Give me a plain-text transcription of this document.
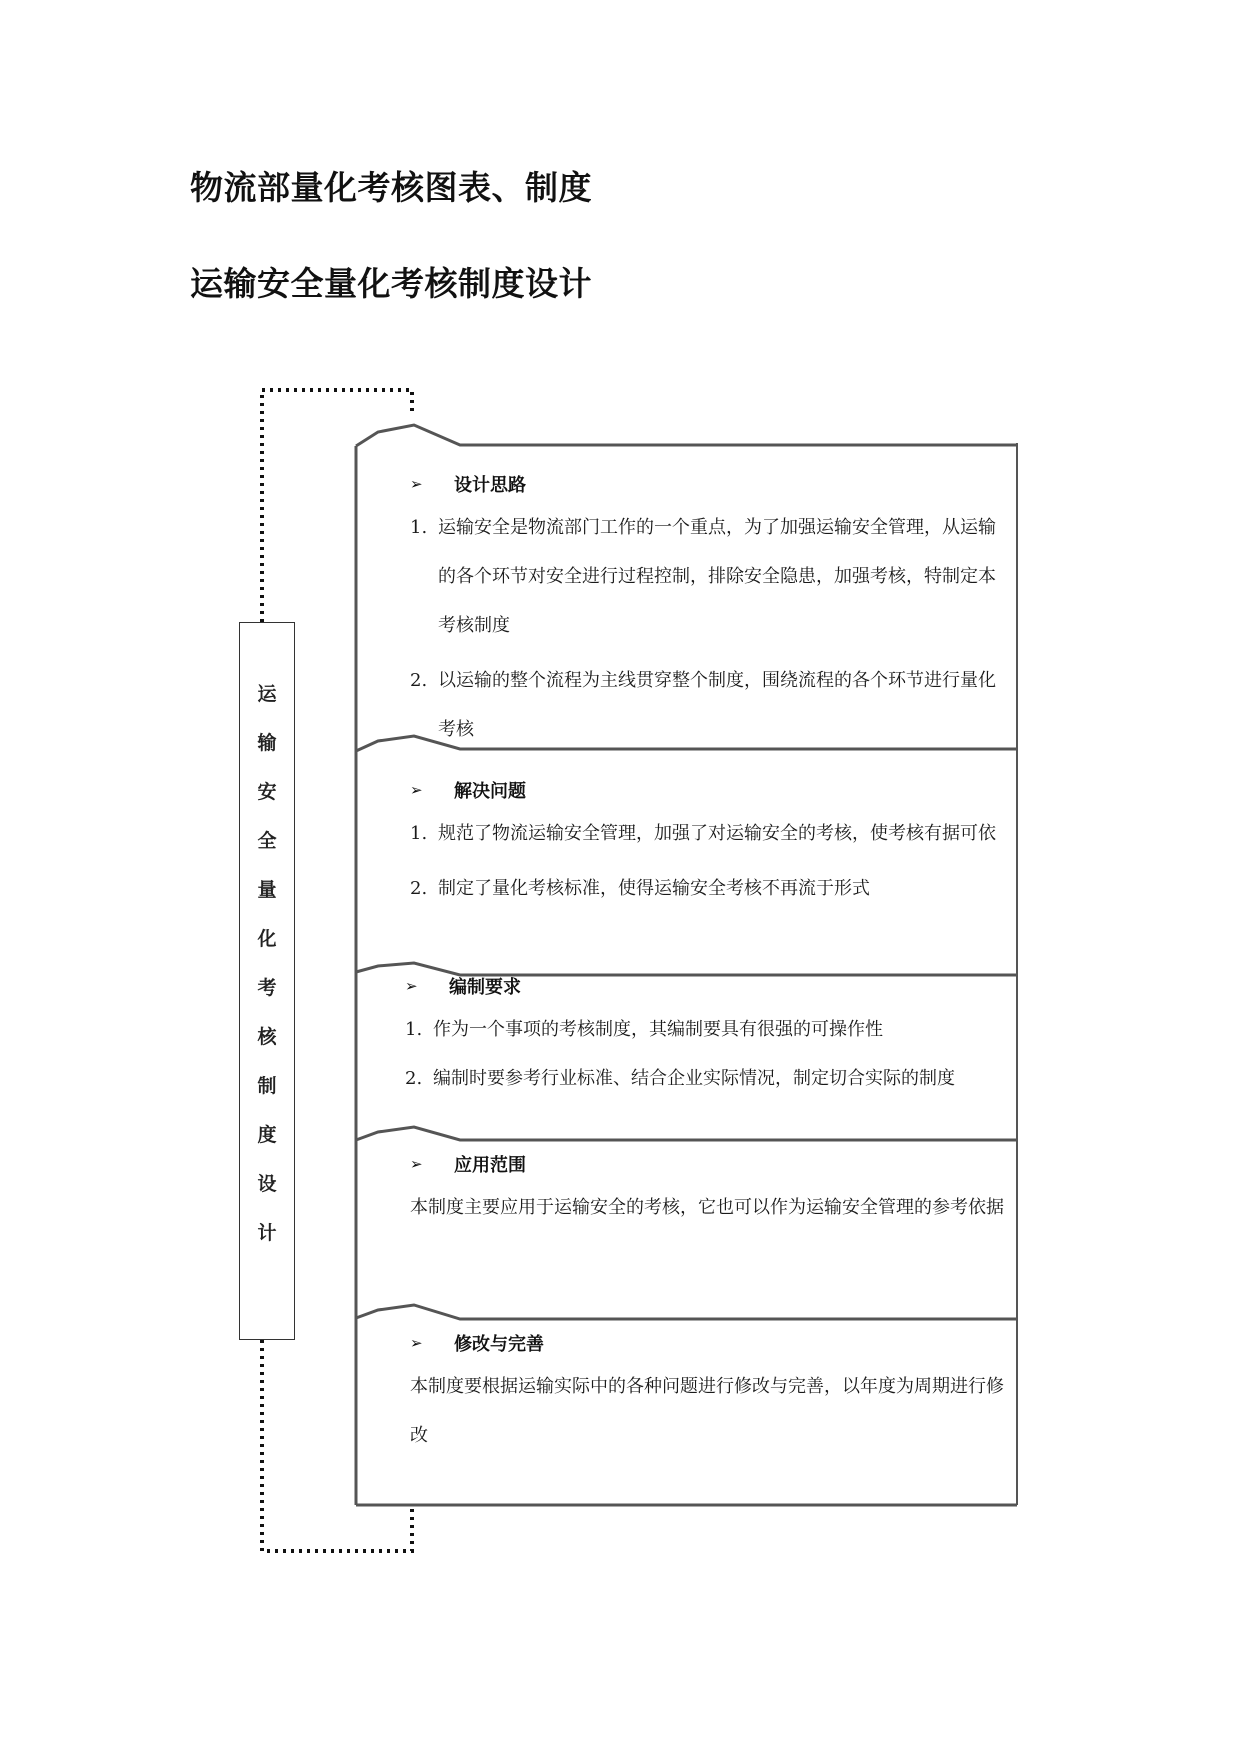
物流部量化考核图表、制度
运输安全量化考核制度设计
运
输
安
全
量
化
考
核
制
度
设
计
➢	设计思路
1. 运输安全是物流部门工作的一个重点，为了加强运输安全管理，从运输的各个环节对安全进行过程控制，排除安全隐患，加强考核，特制定本考核制度
2. 以运输的整个流程为主线贯穿整个制度，围绕流程的各个环节进行量化考核
➢	解决问题
1. 规范了物流运输安全管理，加强了对运输安全的考核，使考核有据可依
2. 制定了量化考核标准，使得运输安全考核不再流于形式
➢	编制要求
1. 作为一个事项的考核制度，其编制要具有很强的可操作性
2. 编制时要参考行业标准、结合企业实际情况，制定切合实际的制度
➢	应用范围
本制度主要应用于运输安全的考核，它也可以作为运输安全管理的参考依据
➢	修改与完善
本制度要根据运输实际中的各种问题进行修改与完善，以年度为周期进行修改
